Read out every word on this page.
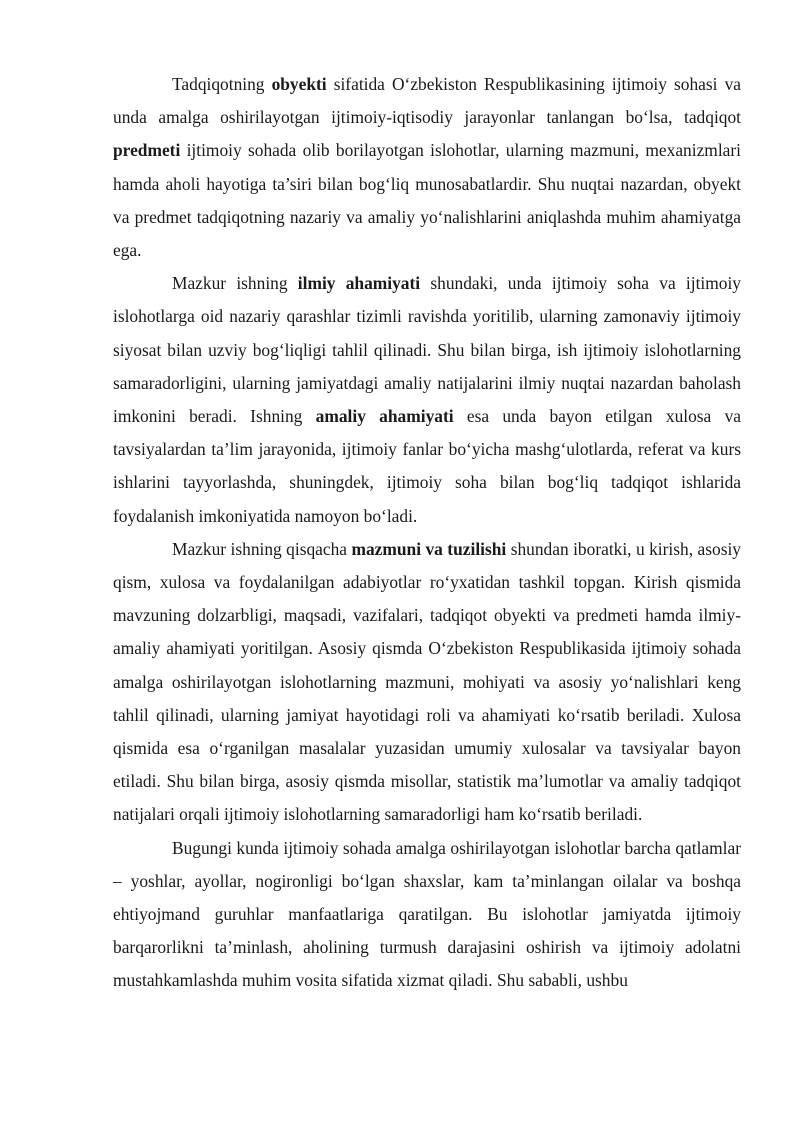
Tadqiqotning obyekti sifatida O‘zbekiston Respublikasining ijtimoiy sohasi va unda amalga oshirilayotgan ijtimoiy-iqtisodiy jarayonlar tanlangan bo‘lsa, tadqiqot predmeti ijtimoiy sohada olib borilayotgan islohotlar, ularning mazmuni, mexanizmlari hamda aholi hayotiga ta’siri bilan bog‘liq munosabatlardir. Shu nuqtai nazardan, obyekt va predmet tadqiqotning nazariy va amaliy yo‘nalishlarini aniqlashda muhim ahamiyatga ega.

Mazkur ishning ilmiy ahamiyati shundaki, unda ijtimoiy soha va ijtimoiy islohotlarga oid nazariy qarashlar tizimli ravishda yoritilib, ularning zamonaviy ijtimoiy siyosat bilan uzviy bog‘liqligi tahlil qilinadi. Shu bilan birga, ish ijtimoiy islohotlarning samaradorligini, ularning jamiyatdagi amaliy natijalarini ilmiy nuqtai nazardan baholash imkonini beradi. Ishning amaliy ahamiyati esa unda bayon etilgan xulosa va tavsiyalardan ta’lim jarayonida, ijtimoiy fanlar bo‘yicha mashg‘ulotlarda, referat va kurs ishlarini tayyorlashda, shuningdek, ijtimoiy soha bilan bog‘liq tadqiqot ishlarida foydalanish imkoniyatida namoyon bo‘ladi.

Mazkur ishning qisqacha mazmuni va tuzilishi shundan iboratki, u kirish, asosiy qism, xulosa va foydalanilgan adabiyotlar ro‘yxatidan tashkil topgan. Kirish qismida mavzuning dolzarbligi, maqsadi, vazifalari, tadqiqot obyekti va predmeti hamda ilmiy-amaliy ahamiyati yoritilgan. Asosiy qismda O‘zbekiston Respublikasida ijtimoiy sohada amalga oshirilayotgan islohotlarning mazmuni, mohiyati va asosiy yo‘nalishlari keng tahlil qilinadi, ularning jamiyat hayotidagi roli va ahamiyati ko‘rsatib beriladi. Xulosa qismida esa o‘rganilgan masalalar yuzasidan umumiy xulosalar va tavsiyalar bayon etiladi. Shu bilan birga, asosiy qismda misollar, statistik ma’lumotlar va amaliy tadqiqot natijalari orqali ijtimoiy islohotlarning samaradorligi ham ko‘rsatib beriladi.

Bugungi kunda ijtimoiy sohada amalga oshirilayotgan islohotlar barcha qatlamlar – yoshlar, ayollar, nogironligi bo‘lgan shaxslar, kam ta’minlangan oilalar va boshqa ehtiyojmand guruhlar manfaatlariga qaratilgan. Bu islohotlar jamiyatda ijtimoiy barqarorlikni ta’minlash, aholining turmush darajasini oshirish va ijtimoiy adolatni mustahkamlashda muhim vosita sifatida xizmat qiladi. Shu sababli, ushbu
